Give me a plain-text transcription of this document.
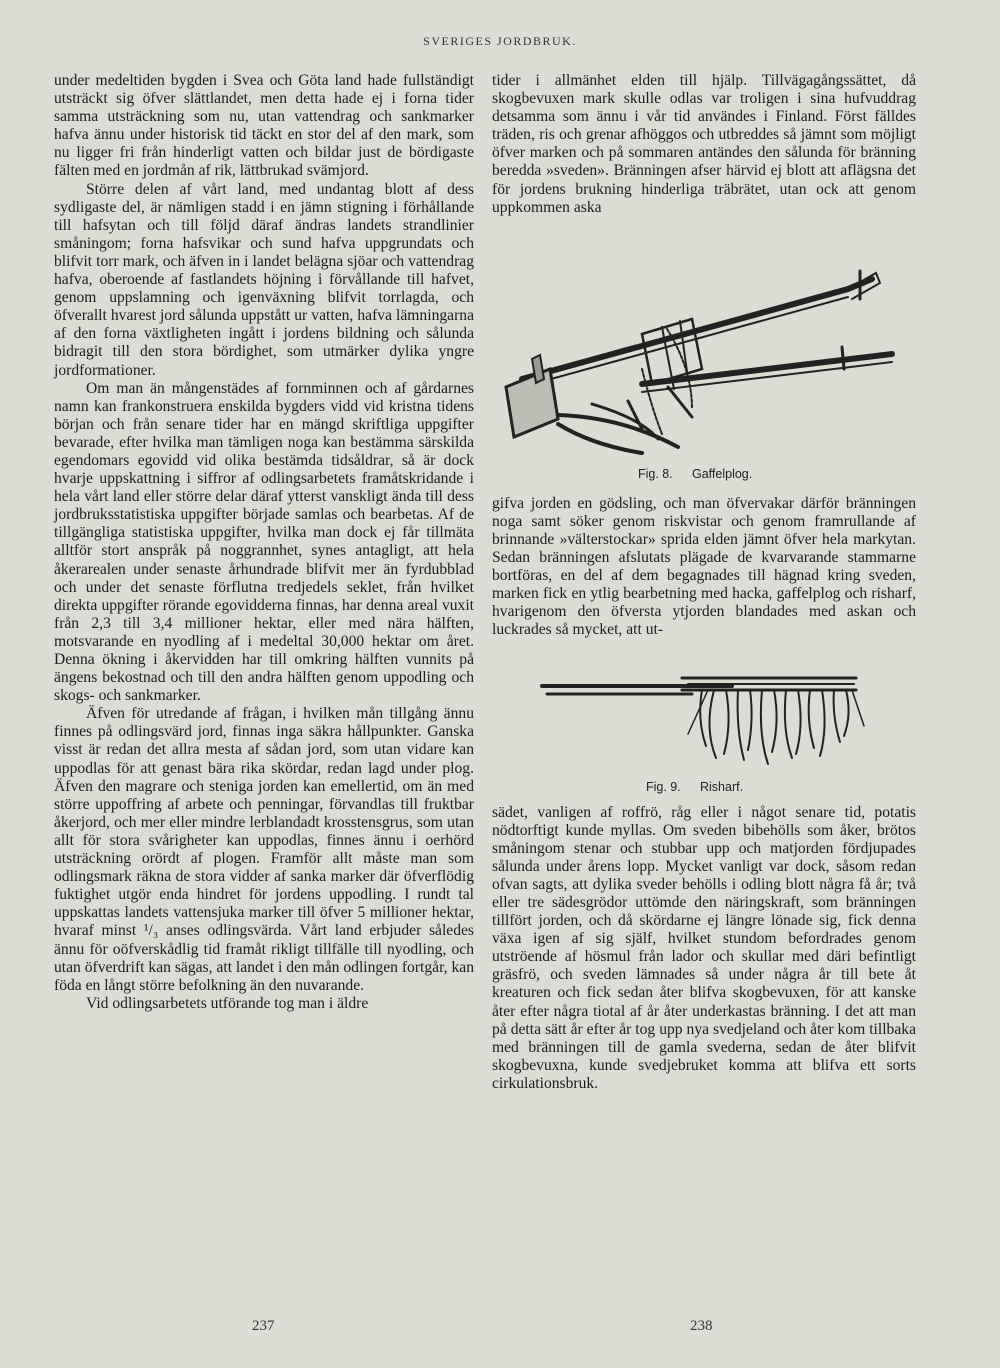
SVERIGES JORDBRUK.

under medeltiden bygden i Svea och Göta land hade fullständigt utsträckt sig öfver slättlandet, men detta hade ej i forna tider samma utsträckning som nu, utan vattendrag och sankmarker hafva ännu under historisk tid täckt en stor del af den mark, som nu ligger fri från hinderligt vatten och bildar just de bördigaste fälten med en jordmån af rik, lättbrukad svämjord.

Större delen af vårt land, med undantag blott af dess sydligaste del, är nämligen stadd i en jämn stigning i förhållande till hafsytan och till följd däraf ändras landets strandlinier småningom; forna hafsvikar och sund hafva uppgrundats och blifvit torr mark, och äfven in i landet belägna sjöar och vattendrag hafva, oberoende af fastlandets höjning i förvållande till hafvet, genom uppslamning och igenväxning blifvit torrlagda, och öfverallt hvarest jord sålunda uppstått ur vatten, hafva lämningarna af den forna växtligheten ingått i jordens bildning och sålunda bidragit till den stora bördighet, som utmärker dylika yngre jordformationer.

Om man än mångenstädes af fornminnen och af gårdarnes namn kan frankonstruera enskilda bygders vidd vid kristna tidens början och från senare tider har en mängd skriftliga uppgifter bevarade, efter hvilka man tämligen noga kan bestämma särskilda egendomars egovidd vid olika bestämda tidsåldrar, så är dock hvarje uppskattning i siffror af odlingsarbetets framåtskridande i hela vårt land eller större delar däraf ytterst vanskligt ända till dess jordbruksstatistiska uppgifter började samlas och bearbetas. Af de tillgängliga statistiska uppgifter, hvilka man dock ej får tillmäta alltför stort anspråk på noggrannhet, synes antagligt, att hela åkerarealen under senaste århundrade blifvit mer än fyrdubblad och under det senaste förflutna tredjedels seklet, från hvilket direkta uppgifter rörande egovidderna finnas, har denna areal vuxit från 2,3 till 3,4 millioner hektar, eller med nära hälften, motsvarande en nyodling af i medeltal 30,000 hektar om året. Denna ökning i åkervidden har till omkring hälften vunnits på ängens bekostnad och till den andra hälften genom uppodling och skogs- och sankmarker.

Äfven för utredande af frågan, i hvilken mån tillgång ännu finnes på odlingsvärd jord, finnas inga säkra hållpunkter. Ganska visst är redan det allra mesta af sådan jord, som utan vidare kan uppodlas för att genast bära rika skördar, redan lagd under plog. Äfven den magrare och steniga jorden kan emellertid, om än med större uppoffring af arbete och penningar, förvandlas till fruktbar åkerjord, och mer eller mindre lerblandadt krosstensgrus, som utan allt för stora svårigheter kan uppodlas, finnes ännu i oerhörd utsträckning orördt af plogen. Framför allt måste man som odlingsmark räkna de stora vidder af sanka marker där öfverflödig fuktighet utgör enda hindret för jordens uppodling. I rundt tal uppskattas landets vattensjuka marker till öfver 5 millioner hektar, hvaraf minst ¹/₃ anses odlingsvärda. Vårt land erbjuder således ännu för oöfverskådlig tid framåt rikligt tillfälle till nyodling, och utan öfverdrift kan sägas, att landet i den mån odlingen fortgår, kan föda en långt större befolkning än den nuvarande.

Vid odlingsarbetets utförande tog man i äldre

tider i allmänhet elden till hjälp. Tillvägagångssättet, då skogbevuxen mark skulle odlas var troligen i sina hufvuddrag detsamma som ännu i vår tid användes i Finland. Först fälldes träden, ris och grenar afhöggos och utbreddes så jämnt som möjligt öfver marken och på sommaren antändes den sålunda för bränning beredda »sveden». Bränningen afser härvid ej blott att aflägsna det för jordens brukning hinderliga träbrätet, utan ock att genom uppkommen aska

Fig. 8. Gaffelplog.

gifva jorden en gödsling, och man öfvervakar därför bränningen noga samt söker genom riskvistar och genom framrullande af brinnande »välterstockar» sprida elden jämnt öfver hela markytan. Sedan bränningen afslutats plägade de kvarvarande stammarne bortföras, en del af dem begagnades till hägnad kring sveden, marken fick en ytlig bearbetning med hacka, gaffelplog och risharf, hvarigenom den öfversta ytjorden blandades med askan och luckrades så mycket, att ut-

Fig. 9. Risharf.

sädet, vanligen af roffrö, råg eller i något senare tid, potatis nödtorftigt kunde myllas. Om sveden bibehölls som åker, brötos småningom stenar och stubbar upp och matjorden fördjupades sålunda under årens lopp. Mycket vanligt var dock, såsom redan ofvan sagts, att dylika sveder behölls i odling blott några få år; två eller tre sädesgrödor uttömde den näringskraft, som bränningen tillfört jorden, och då skördarne ej längre lönade sig, fick denna växa igen af sig själf, hvilket stundom befordrades genom utströende af hösmul från lador och skullar med däri befintligt gräsfrö, och sveden lämnades så under några år till bete åt kreaturen och fick sedan åter blifva skogbevuxen, för att kanske åter efter några tiotal af år åter underkastas bränning. I det att man på detta sätt år efter år tog upp nya svedjeland och åter kom tillbaka med bränningen till de gamla svederna, sedan de åter blifvit skogbevuxna, kunde svedjebruket komma att blifva ett sorts cirkulationsbruk.

237	238
